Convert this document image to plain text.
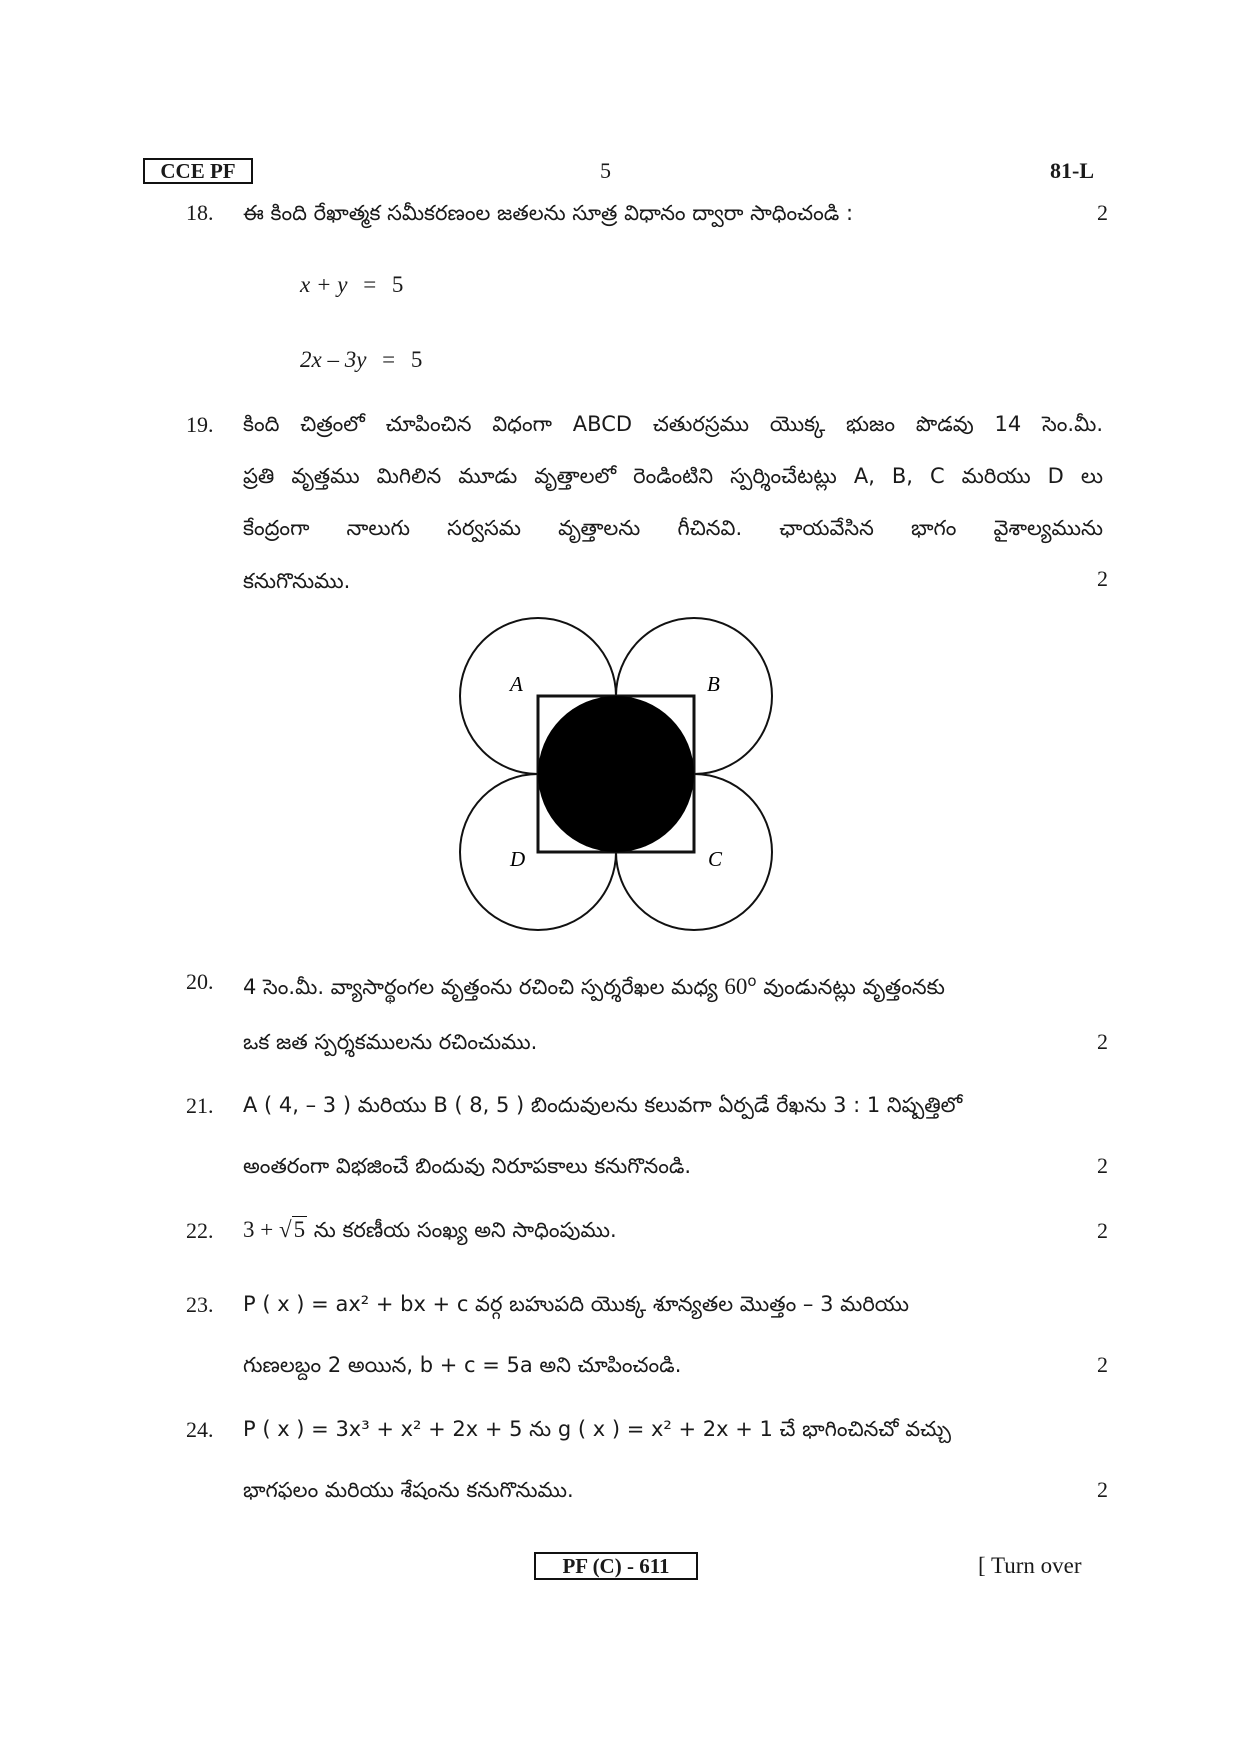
CCE PF	5	81-L
18.	ఈ కింది రేఖాత్మక సమీకరణంల జతలను సూత్ర విధానం ద్వారా సాధించండి :	2
x + y = 5
2x – 3y = 5
19.	కింది చిత్రంలో చూపించిన విధంగా ABCD చతురస్రము యొక్క భుజం పొడవు 14 సెం.మీ.
ప్రతి వృత్తము మిగిలిన మూడు వృత్తాలలో రెండింటిని స్పర్శించేటట్లు A, B, C మరియు D లు
కేంద్రంగా నాలుగు సర్వసమ వృత్తాలను గీచినవి. ఛాయవేసిన భాగం వైశాల్యమును
కనుగొనుము.	2
A	B
C
D
20.	4 సెం.మీ. వ్యాసార్థంగల వృత్తంను రచించి స్పర్శరేఖల మధ్య 60$^o$ వుండునట్లు వృత్తంనకు
ఒక జత స్పర్శకములను రచించుము.	2
21.	A ( 4, – 3 ) మరియు B ( 8, 5 ) బిందువులను కలువగా ఏర్పడే రేఖను 3 : 1 నిష్పత్తిలో
అంతరంగా విభజించే బిందువు నిరూపకాలు కనుగొనండి.	2
22.	3 + √5 ను కరణీయ సంఖ్య అని సాధింపుము.	2
23.	P ( x ) = ax² + bx + c వర్గ బహుపది యొక్క శూన్యతల మొత్తం – 3 మరియు
గుణలబ్దం 2 అయిన, b + c = 5a అని చూపించండి.	2
24.	P ( x ) = 3x³ + x² + 2x + 5 ను g ( x ) = x² + 2x + 1 చే భాగించినచో వచ్చు
భాగఫలం మరియు శేషంను కనుగొనుము.	2
PF (C) - 611	[ Turn over
